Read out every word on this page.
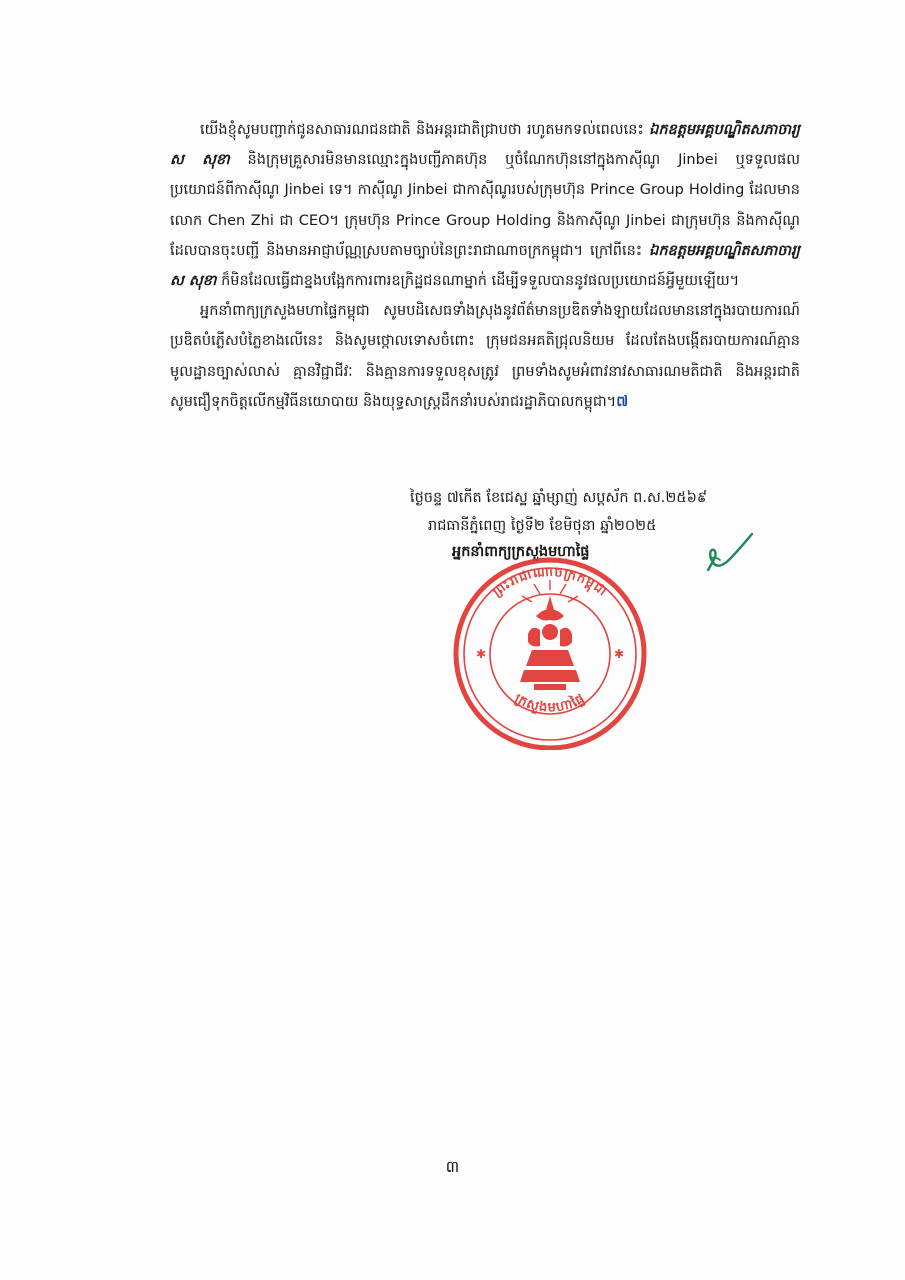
យើងខ្ញុំសូមបញ្ជាក់ជូនសាធារណជនជាតិ និងអន្តរជាតិជ្រាបថា រហូតមកទល់ពេលនេះ ឯកឧត្តមអគ្គបណ្ឌិតសភាចារ្យ ស សុខា និងក្រុមគ្រួសារមិនមានឈ្មោះក្នុងបញ្ជីភាគហ៊ុន ឬចំណែកហ៊ុននៅក្នុងកាស៊ីណូ Jinbei ឬទទួលផលប្រយោជន៍ពីកាស៊ីណូ Jinbei ទេ។ កាស៊ីណូ Jinbei ជាកាស៊ីណូរបស់ក្រុមហ៊ុន Prince Group Holding ដែលមានលោក Chen Zhi ជា CEO។ ក្រុមហ៊ុន Prince Group Holding និងកាស៊ីណូ Jinbei ជាក្រុមហ៊ុន និងកាស៊ីណូដែលបានចុះបញ្ជី និងមានអាជ្ញាប័ណ្ណស្របតាមច្បាប់នៃព្រះរាជាណាចក្រកម្ពុជា។ ក្រៅពីនេះ ឯកឧត្តមអគ្គបណ្ឌិតសភាចារ្យ ស សុខា ក៏មិនដែលធ្វើជាខ្នងបង្អែកការពារឧក្រិដ្ឋជនណាម្នាក់ ដើម្បីទទួលបាននូវផលប្រយោជន៍អ្វីមួយឡើយ។

អ្នកនាំពាក្យក្រសួងមហាផ្ទៃកម្ពុជា សូមបដិសេធទាំងស្រុងនូវព័ត៌មានប្រឌិតទាំងឡាយដែលមាននៅក្នុងរបាយការណ៍ប្រឌិតបំភ្លើសបំភ្លៃខាងលើនេះ និងសូមថ្កោលទោសចំពោះ ក្រុមជនអគតិជ្រុលនិយម ដែលតែងបង្កើតរបាយការណ៍គ្មានមូលដ្ឋានច្បាស់លាស់ គ្មានវិជ្ជាជីវៈ និងគ្មានការទទួលខុសត្រូវ ព្រមទាំងសូមអំពាវនាវសាធារណមតិជាតិ និងអន្តរជាតិ សូមជឿទុកចិត្តលើកម្មវិធីនយោបាយ និងយុទ្ធសាស្ត្រដឹកនាំរបស់រាជរដ្ឋាភិបាលកម្ពុជា។៧

ថ្ងៃចន្ទ ៧កើត ខែជេស្ឋ ឆ្នាំម្សាញ់ សប្តស័ក ព.ស.២៥៦៩
រាជធានីភ្នំពេញ ថ្ងៃទី២ ខែមិថុនា ឆ្នាំ២០២៥
អ្នកនាំពាក្យក្រសួងមហាផ្ទៃ
ព្រះរាជាណាចក្រកម្ពុជា
ក្រសួងមហាផ្ទៃ
✱	✱
៣
